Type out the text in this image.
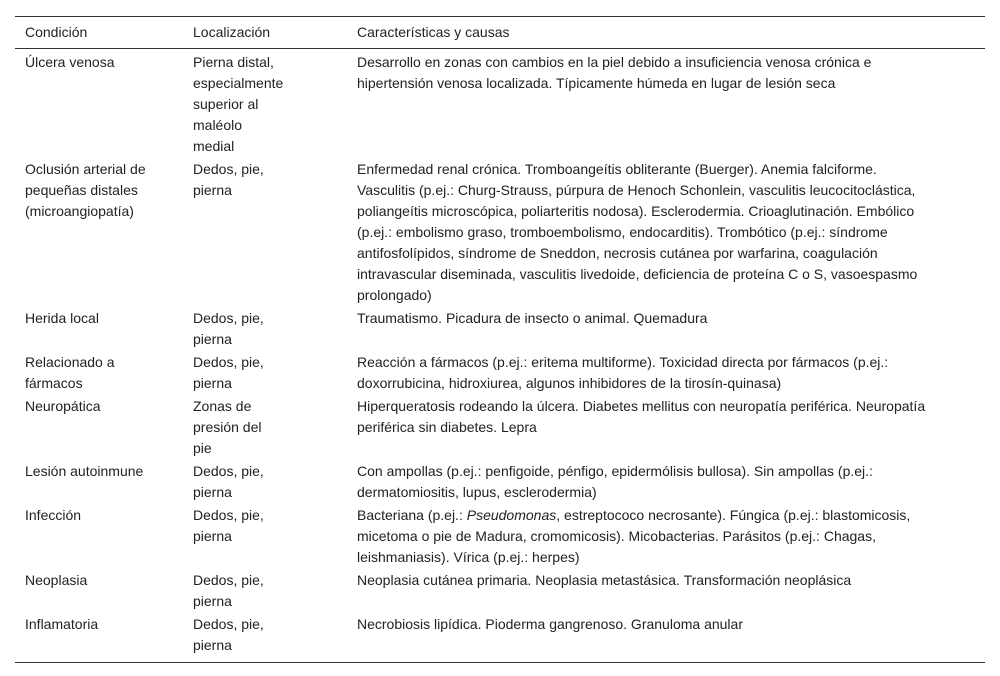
Condición	Localización	Características y causas

Úlcera venosa	Pierna distal, especialmente superior al maléolo medial	Desarrollo en zonas con cambios en la piel debido a insuficiencia venosa crónica e hipertensión venosa localizada. Típicamente húmeda en lugar de lesión seca

Oclusión arterial de pequeñas distales (microangiopatía)	Dedos, pie, pierna	Enfermedad renal crónica. Tromboangeítis obliterante (Buerger). Anemia falciforme. Vasculitis (p.ej.: Churg-Strauss, púrpura de Henoch Schonlein, vasculitis leucocitoclástica, poliangeítis microscópica, poliarteritis nodosa). Esclerodermia. Crioaglutinación. Embólico (p.ej.: embolismo graso, tromboembolismo, endocarditis). Trombótico (p.ej.: síndrome antifosfolípidos, síndrome de Sneddon, necrosis cutánea por warfarina, coagulación intravascular diseminada, vasculitis livedoide, deficiencia de proteína C o S, vasoespasmo prolongado)

Herida local	Dedos, pie, pierna	Traumatismo. Picadura de insecto o animal. Quemadura

Relacionado a fármacos	Dedos, pie, pierna	Reacción a fármacos (p.ej.: eritema multiforme). Toxicidad directa por fármacos (p.ej.: doxorrubicina, hidroxiurea, algunos inhibidores de la tirosín-quinasa)

Neuropática	Zonas de presión del pie	Hiperqueratosis rodeando la úlcera. Diabetes mellitus con neuropatía periférica. Neuropatía periférica sin diabetes. Lepra

Lesión autoinmune	Dedos, pie, pierna	Con ampollas (p.ej.: penfigoide, pénfigo, epidermólisis bullosa). Sin ampollas (p.ej.: dermatomiositis, lupus, esclerodermia)

Infección	Dedos, pie, pierna	Bacteriana (p.ej.: Pseudomonas, estreptococo necrosante). Fúngica (p.ej.: blastomicosis, micetoma o pie de Madura, cromomicosis). Micobacterias. Parásitos (p.ej.: Chagas, leishmaniasis). Vírica (p.ej.: herpes)

Neoplasia	Dedos, pie, pierna	Neoplasia cutánea primaria. Neoplasia metastásica. Transformación neoplásica

Inflamatoria	Dedos, pie, pierna	Necrobiosis lipídica. Pioderma gangrenoso. Granuloma anular
